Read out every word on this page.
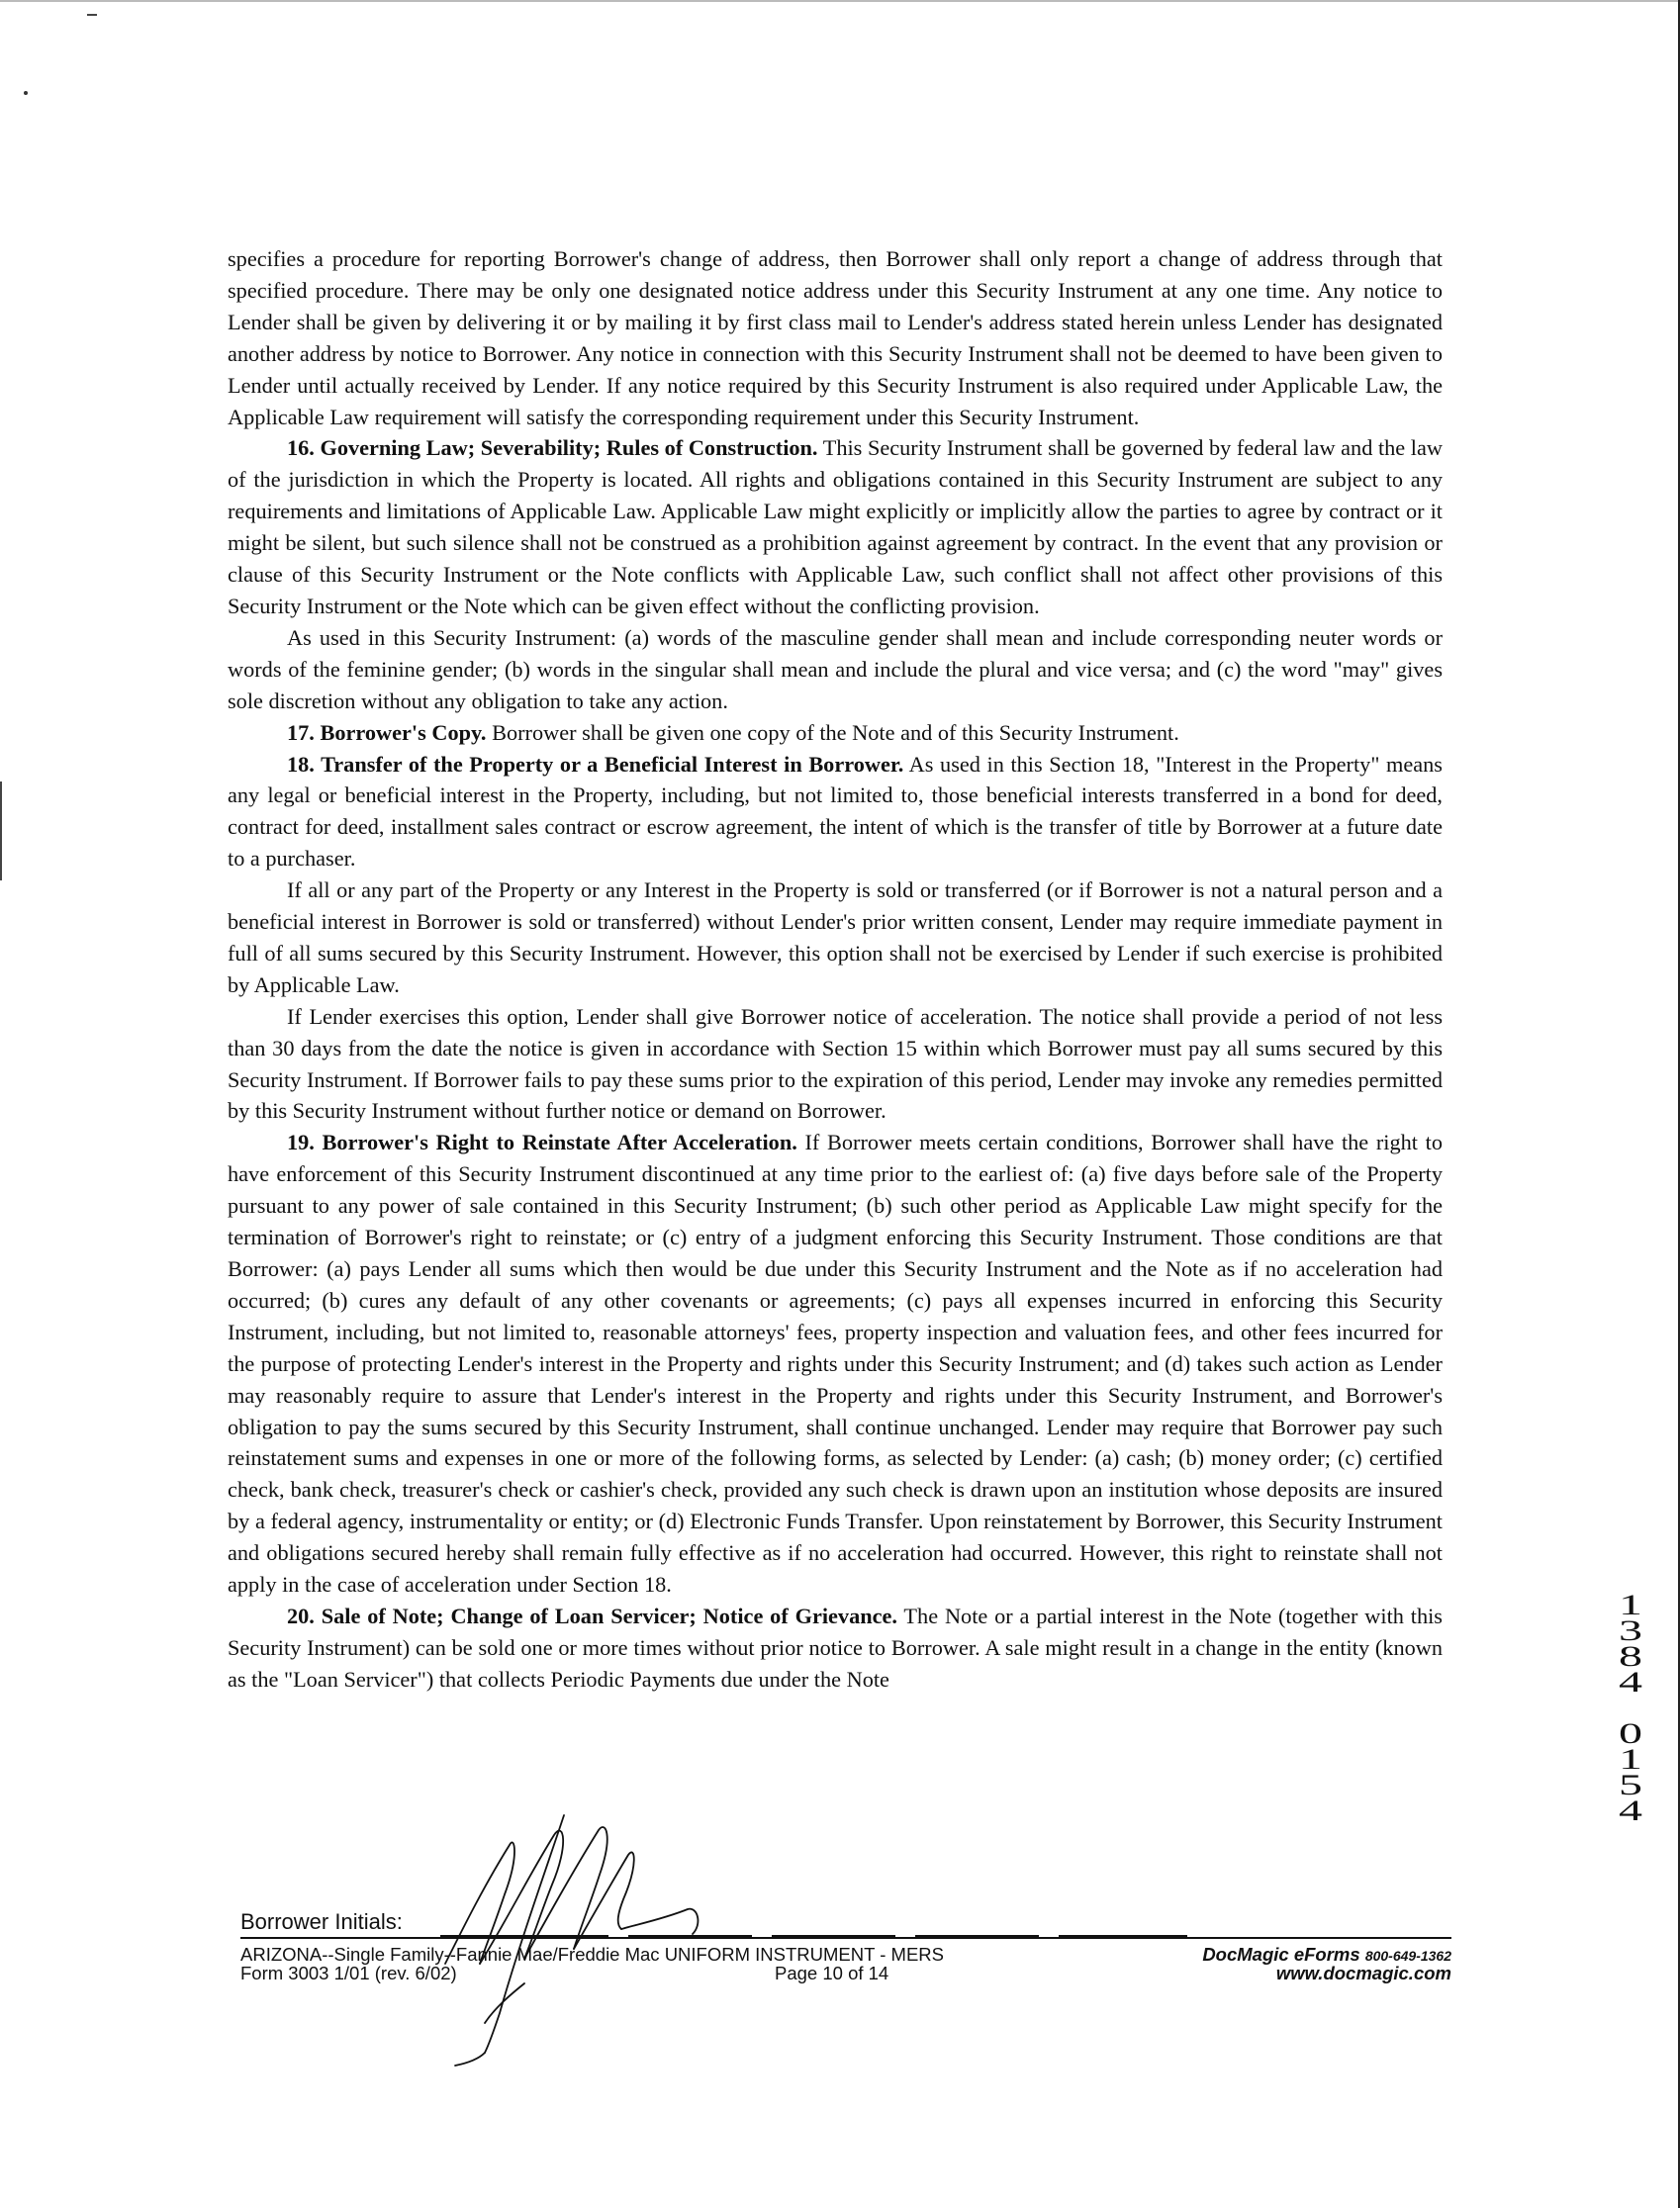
specifies a procedure for reporting Borrower's change of address, then Borrower shall only report a change of address through that specified procedure. There may be only one designated notice address under this Security Instrument at any one time. Any notice to Lender shall be given by delivering it or by mailing it by first class mail to Lender's address stated herein unless Lender has designated another address by notice to Borrower. Any notice in connection with this Security Instrument shall not be deemed to have been given to Lender until actually received by Lender. If any notice required by this Security Instrument is also required under Applicable Law, the Applicable Law requirement will satisfy the corresponding requirement under this Security Instrument.

16. Governing Law; Severability; Rules of Construction. This Security Instrument shall be governed by federal law and the law of the jurisdiction in which the Property is located. All rights and obligations contained in this Security Instrument are subject to any requirements and limitations of Applicable Law. Applicable Law might explicitly or implicitly allow the parties to agree by contract or it might be silent, but such silence shall not be construed as a prohibition against agreement by contract. In the event that any provision or clause of this Security Instrument or the Note conflicts with Applicable Law, such conflict shall not affect other provisions of this Security Instrument or the Note which can be given effect without the conflicting provision.

As used in this Security Instrument: (a) words of the masculine gender shall mean and include corresponding neuter words or words of the feminine gender; (b) words in the singular shall mean and include the plural and vice versa; and (c) the word "may" gives sole discretion without any obligation to take any action.

17. Borrower's Copy. Borrower shall be given one copy of the Note and of this Security Instrument.

18. Transfer of the Property or a Beneficial Interest in Borrower. As used in this Section 18, "Interest in the Property" means any legal or beneficial interest in the Property, including, but not limited to, those beneficial interests transferred in a bond for deed, contract for deed, installment sales contract or escrow agreement, the intent of which is the transfer of title by Borrower at a future date to a purchaser.

If all or any part of the Property or any Interest in the Property is sold or transferred (or if Borrower is not a natural person and a beneficial interest in Borrower is sold or transferred) without Lender's prior written consent, Lender may require immediate payment in full of all sums secured by this Security Instrument. However, this option shall not be exercised by Lender if such exercise is prohibited by Applicable Law.

If Lender exercises this option, Lender shall give Borrower notice of acceleration. The notice shall provide a period of not less than 30 days from the date the notice is given in accordance with Section 15 within which Borrower must pay all sums secured by this Security Instrument. If Borrower fails to pay these sums prior to the expiration of this period, Lender may invoke any remedies permitted by this Security Instrument without further notice or demand on Borrower.

19. Borrower's Right to Reinstate After Acceleration. If Borrower meets certain conditions, Borrower shall have the right to have enforcement of this Security Instrument discontinued at any time prior to the earliest of: (a) five days before sale of the Property pursuant to any power of sale contained in this Security Instrument; (b) such other period as Applicable Law might specify for the termination of Borrower's right to reinstate; or (c) entry of a judgment enforcing this Security Instrument. Those conditions are that Borrower: (a) pays Lender all sums which then would be due under this Security Instrument and the Note as if no acceleration had occurred; (b) cures any default of any other covenants or agreements; (c) pays all expenses incurred in enforcing this Security Instrument, including, but not limited to, reasonable attorneys' fees, property inspection and valuation fees, and other fees incurred for the purpose of protecting Lender's interest in the Property and rights under this Security Instrument; and (d) takes such action as Lender may reasonably require to assure that Lender's interest in the Property and rights under this Security Instrument, and Borrower's obligation to pay the sums secured by this Security Instrument, shall continue unchanged. Lender may require that Borrower pay such reinstatement sums and expenses in one or more of the following forms, as selected by Lender: (a) cash; (b) money order; (c) certified check, bank check, treasurer's check or cashier's check, provided any such check is drawn upon an institution whose deposits are insured by a federal agency, instrumentality or entity; or (d) Electronic Funds Transfer. Upon reinstatement by Borrower, this Security Instrument and obligations secured hereby shall remain fully effective as if no acceleration had occurred. However, this right to reinstate shall not apply in the case of acceleration under Section 18.

20. Sale of Note; Change of Loan Servicer; Notice of Grievance. The Note or a partial interest in the Note (together with this Security Instrument) can be sold one or more times without prior notice to Borrower. A sale might result in a change in the entity (known as the "Loan Servicer") that collects Periodic Payments due under the Note

Borrower Initials:
ARIZONA--Single Family--Fannie Mae/Freddie Mac UNIFORM INSTRUMENT - MERS
Form 3003 1/01 (rev. 6/02)	Page 10 of 14
DocMagic eForms 800-649-1362
www.docmagic.com
1
3
8
4
0
1
5
4
